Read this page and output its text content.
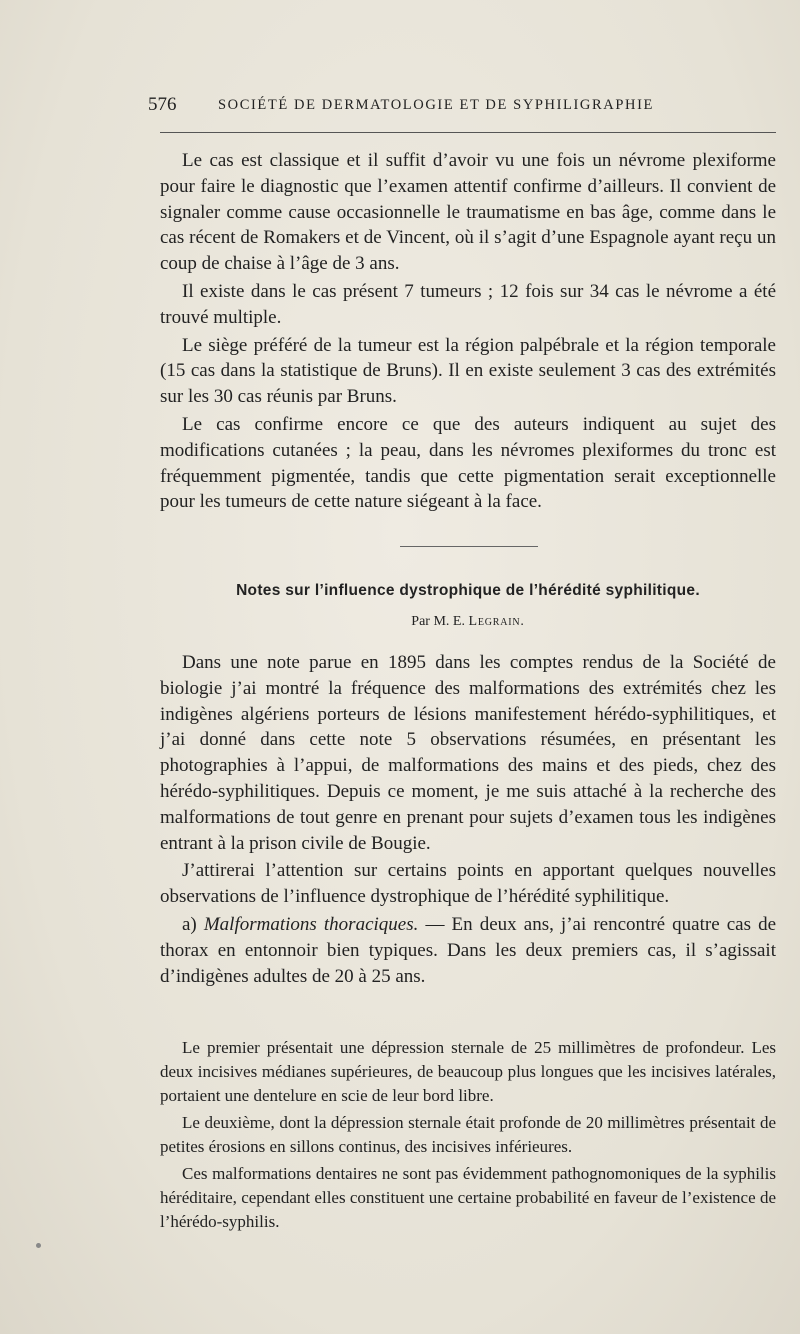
576	SOCIÉTÉ DE DERMATOLOGIE ET DE SYPHILIGRAPHIE

Le cas est classique et il suffit d’avoir vu une fois un névrome plexiforme pour faire le diagnostic que l’examen attentif confirme d’ailleurs. Il convient de signaler comme cause occasionnelle le traumatisme en bas âge, comme dans le cas récent de Romakers et de Vincent, où il s’agit d’une Espagnole ayant reçu un coup de chaise à l’âge de 3 ans.

Il existe dans le cas présent 7 tumeurs ; 12 fois sur 34 cas le névrome a été trouvé multiple.

Le siège préféré de la tumeur est la région palpébrale et la région temporale (15 cas dans la statistique de Bruns). Il en existe seulement 3 cas des extrémités sur les 30 cas réunis par Bruns.

Le cas confirme encore ce que des auteurs indiquent au sujet des modifications cutanées ; la peau, dans les névromes plexiformes du tronc est fréquemment pigmentée, tandis que cette pigmentation serait exceptionnelle pour les tumeurs de cette nature siégeant à la face.

Notes sur l’influence dystrophique de l’hérédité syphilitique.
Par M. E. Legrain.

Dans une note parue en 1895 dans les comptes rendus de la Société de biologie j’ai montré la fréquence des malformations des extrémités chez les indigènes algériens porteurs de lésions manifestement hérédo-syphilitiques, et j’ai donné dans cette note 5 observations résumées, en présentant les photographies à l’appui, de malformations des mains et des pieds, chez des hérédo-syphilitiques. Depuis ce moment, je me suis attaché à la recherche des malformations de tout genre en prenant pour sujets d’examen tous les indigènes entrant à la prison civile de Bougie.

J’attirerai l’attention sur certains points en apportant quelques nouvelles observations de l’influence dystrophique de l’hérédité syphilitique.

a) Malformations thoraciques. — En deux ans, j’ai rencontré quatre cas de thorax en entonnoir bien typiques. Dans les deux premiers cas, il s’agissait d’indigènes adultes de 20 à 25 ans.

Le premier présentait une dépression sternale de 25 millimètres de profondeur. Les deux incisives médianes supérieures, de beaucoup plus longues que les incisives latérales, portaient une dentelure en scie de leur bord libre.

Le deuxième, dont la dépression sternale était profonde de 20 millimètres présentait de petites érosions en sillons continus, des incisives inférieures.

Ces malformations dentaires ne sont pas évidemment pathognomoniques de la syphilis héréditaire, cependant elles constituent une certaine probabilité en faveur de l’existence de l’hérédo-syphilis.
